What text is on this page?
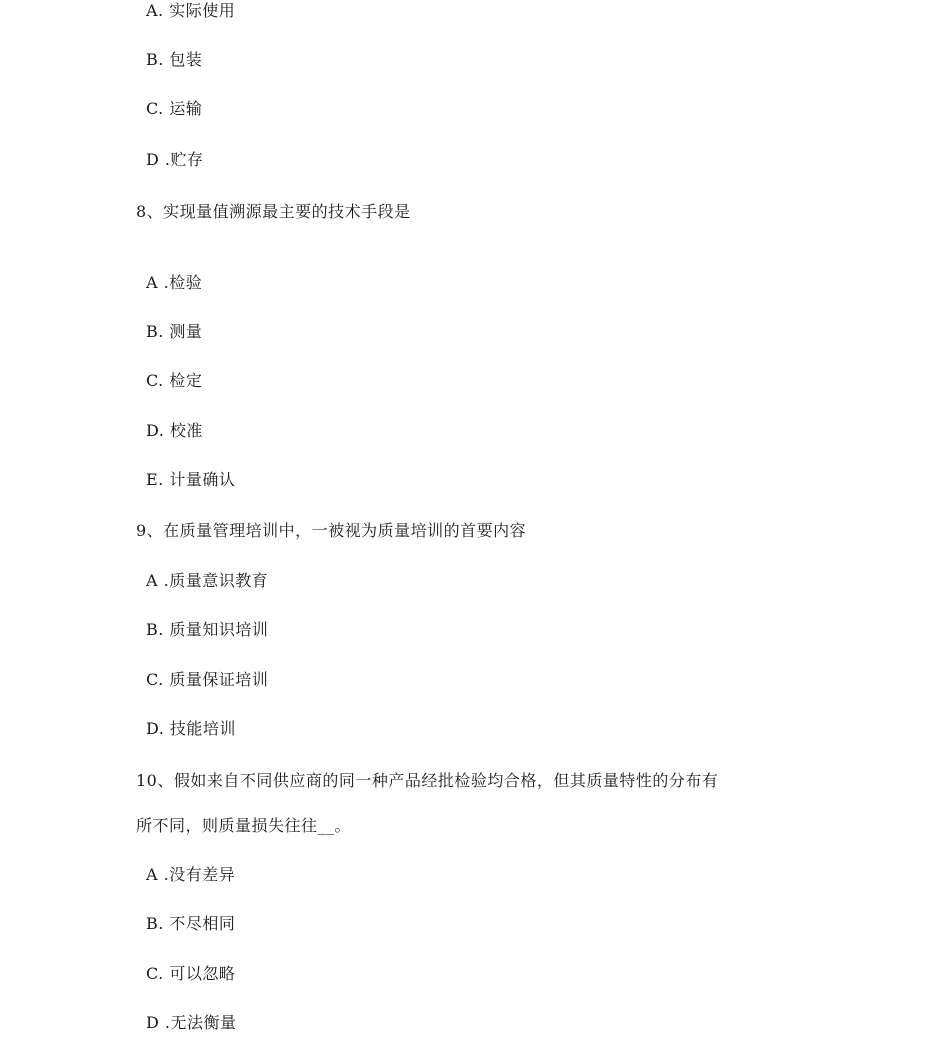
A. 实际使用
B. 包装
C. 运输
D .贮存
8、实现量值溯源最主要的技术手段是
A .检验
B. 测量
C. 检定
D. 校准
E. 计量确认
9、在质量管理培训中，一被视为质量培训的首要内容
A .质量意识教育
B. 质量知识培训
C. 质量保证培训
D. 技能培训
10、假如来自不同供应商的同一种产品经批检验均合格，但其质量特性的分布有
所不同，则质量损失往往__。
A .没有差异
B. 不尽相同
C. 可以忽略
D .无法衡量
